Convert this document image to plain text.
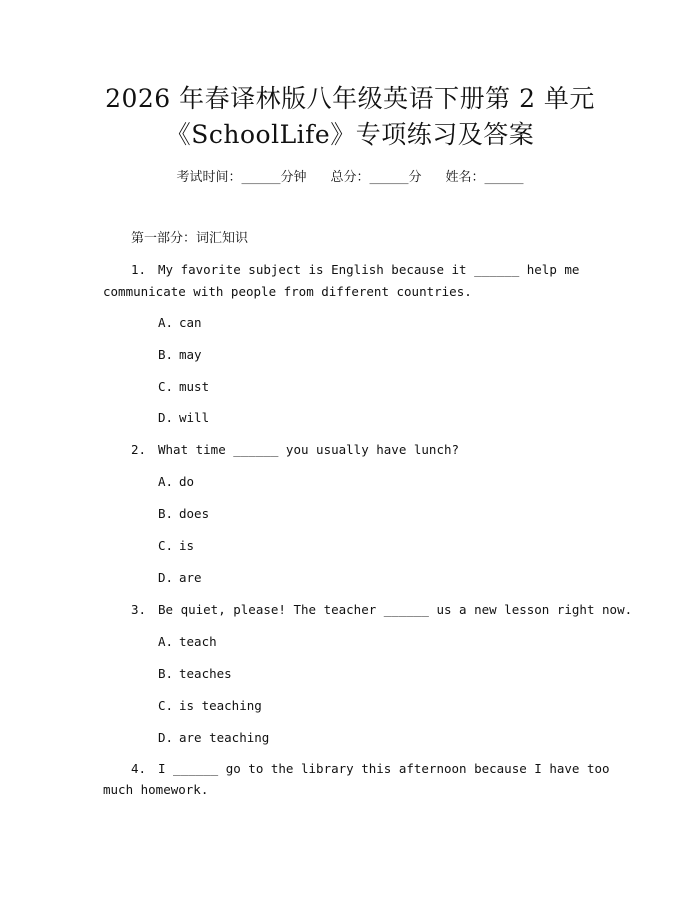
2026 年春译林版八年级英语下册第 2 单元
《SchoolLife》专项练习及答案
考试时间：______分钟 总分：______分 姓名：______
第一部分：词汇知识
1. My favorite subject is English because it ______ help me
communicate with people from different countries.
A. can
B. may
C. must
D. will
2. What time ______ you usually have lunch?
A. do
B. does
C. is
D. are
3. Be quiet, please! The teacher ______ us a new lesson right now.
A. teach
B. teaches
C. is teaching
D. are teaching
4. I ______ go to the library this afternoon because I have too
much homework.
